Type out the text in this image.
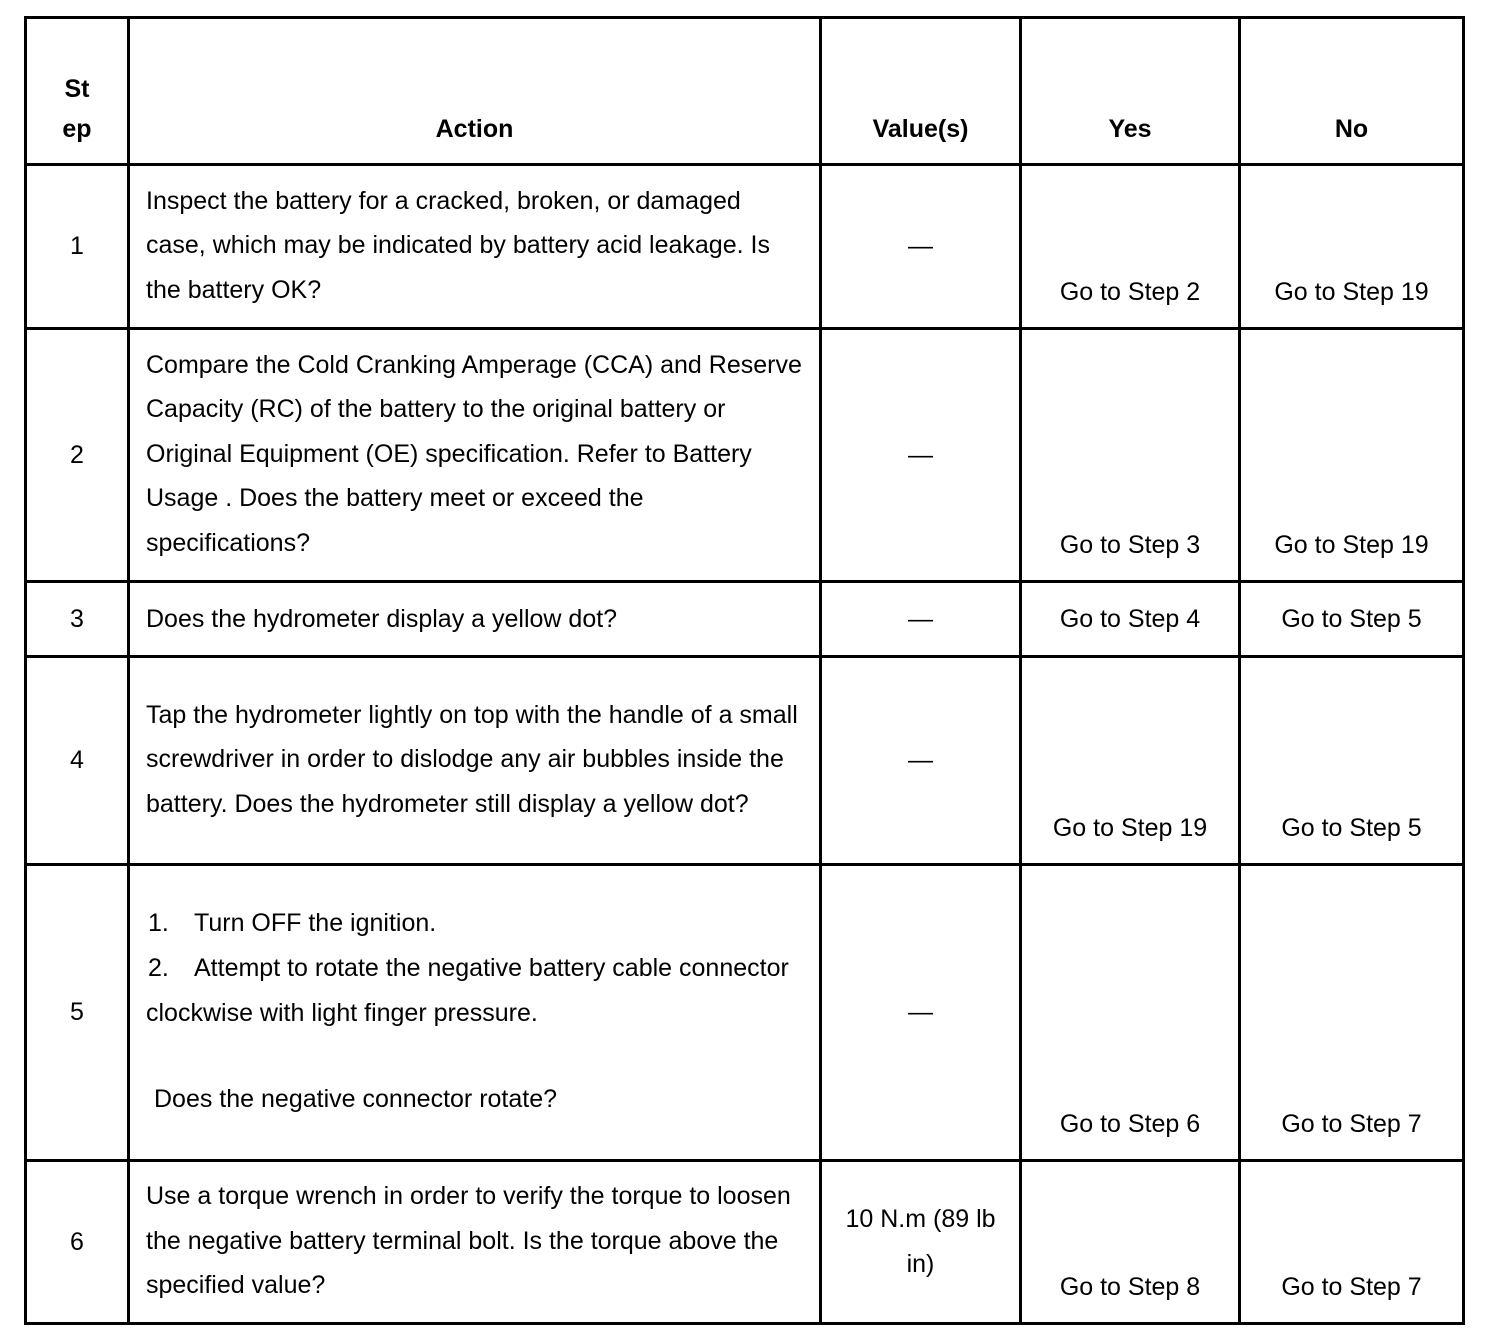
St ep	Action	Value(s)	Yes	No
1	Inspect the battery for a cracked, broken, or damaged case, which may be indicated by battery acid leakage. Is the battery OK?	—	Go to Step 2	Go to Step 19
2	Compare the Cold Cranking Amperage (CCA) and Reserve Capacity (RC) of the battery to the original battery or Original Equipment (OE) specification. Refer to Battery Usage . Does the battery meet or exceed the specifications?	—	Go to Step 3	Go to Step 19
3	Does the hydrometer display a yellow dot?	—	Go to Step 4	Go to Step 5
4	Tap the hydrometer lightly on top with the handle of a small screwdriver in order to dislodge any air bubbles inside the battery. Does the hydrometer still display a yellow dot?	—	Go to Step 19	Go to Step 5
5	1. Turn OFF the ignition.
2. Attempt to rotate the negative battery cable connector clockwise with light finger pressure.
Does the negative connector rotate?	—	Go to Step 6	Go to Step 7
6	Use a torque wrench in order to verify the torque to loosen the negative battery terminal bolt. Is the torque above the specified value?	10 N.m (89 lb in)	Go to Step 8	Go to Step 7
